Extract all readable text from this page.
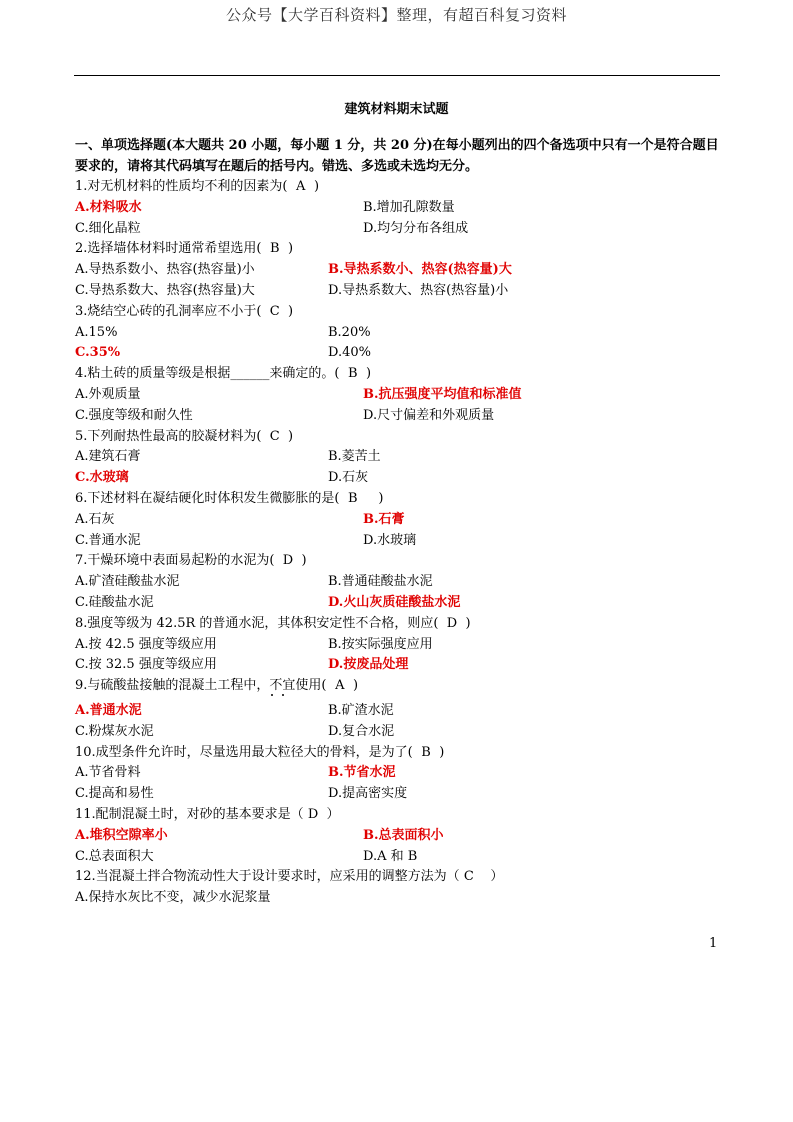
公众号【大学百科资料】整理，有超百科复习资料
建筑材料期末试题
一、单项选择题(本大题共 20 小题，每小题 1 分，共 20 分)在每小题列出的四个备选项中只有一个是符合题目要求的，请将其代码填写在题后的括号内。错选、多选或未选均无分。
1.对无机材料的性质均不利的因素为( A )
A.材料吸水	B.增加孔隙数量
C.细化晶粒	D.均匀分布各组成
2.选择墙体材料时通常希望选用( B )
A.导热系数小、热容(热容量)小	B.导热系数小、热容(热容量)大
C.导热系数大、热容(热容量)大	D.导热系数大、热容(热容量)小
3.烧结空心砖的孔洞率应不小于( C )
A.15%	B.20%
C.35%	D.40%
4.粘土砖的质量等级是根据______来确定的。( B )
A.外观质量	B.抗压强度平均值和标准值
C.强度等级和耐久性	D.尺寸偏差和外观质量
5.下列耐热性最高的胶凝材料为( C )
A.建筑石膏	B.菱苦土
C.水玻璃	D.石灰
6.下述材料在凝结硬化时体积发生微膨胀的是( B )
A.石灰	B.石膏
C.普通水泥	D.水玻璃
7.干燥环境中表面易起粉的水泥为( D )
A.矿渣硅酸盐水泥	B.普通硅酸盐水泥
C.硅酸盐水泥	D.火山灰质硅酸盐水泥
8.强度等级为 42.5R 的普通水泥，其体积安定性不合格，则应( D )
A.按 42.5 强度等级应用	B.按实际强度应用
C.按 32.5 强度等级应用	D.按废品处理
9.与硫酸盐接触的混凝土工程中，不宜使用( A )
A.普通水泥	B.矿渣水泥
C.粉煤灰水泥	D.复合水泥
10.成型条件允许时，尽量选用最大粒径大的骨料，是为了( B )
A.节省骨料	B.节省水泥
C.提高和易性	D.提高密实度
11.配制混凝土时，对砂的基本要求是（ D ）
A.堆积空隙率小	B.总表面积小
C.总表面积大	D.A 和 B
12.当混凝土拌合物流动性大于设计要求时，应采用的调整方法为（ C ）
A.保持水灰比不变，减少水泥浆量
1
